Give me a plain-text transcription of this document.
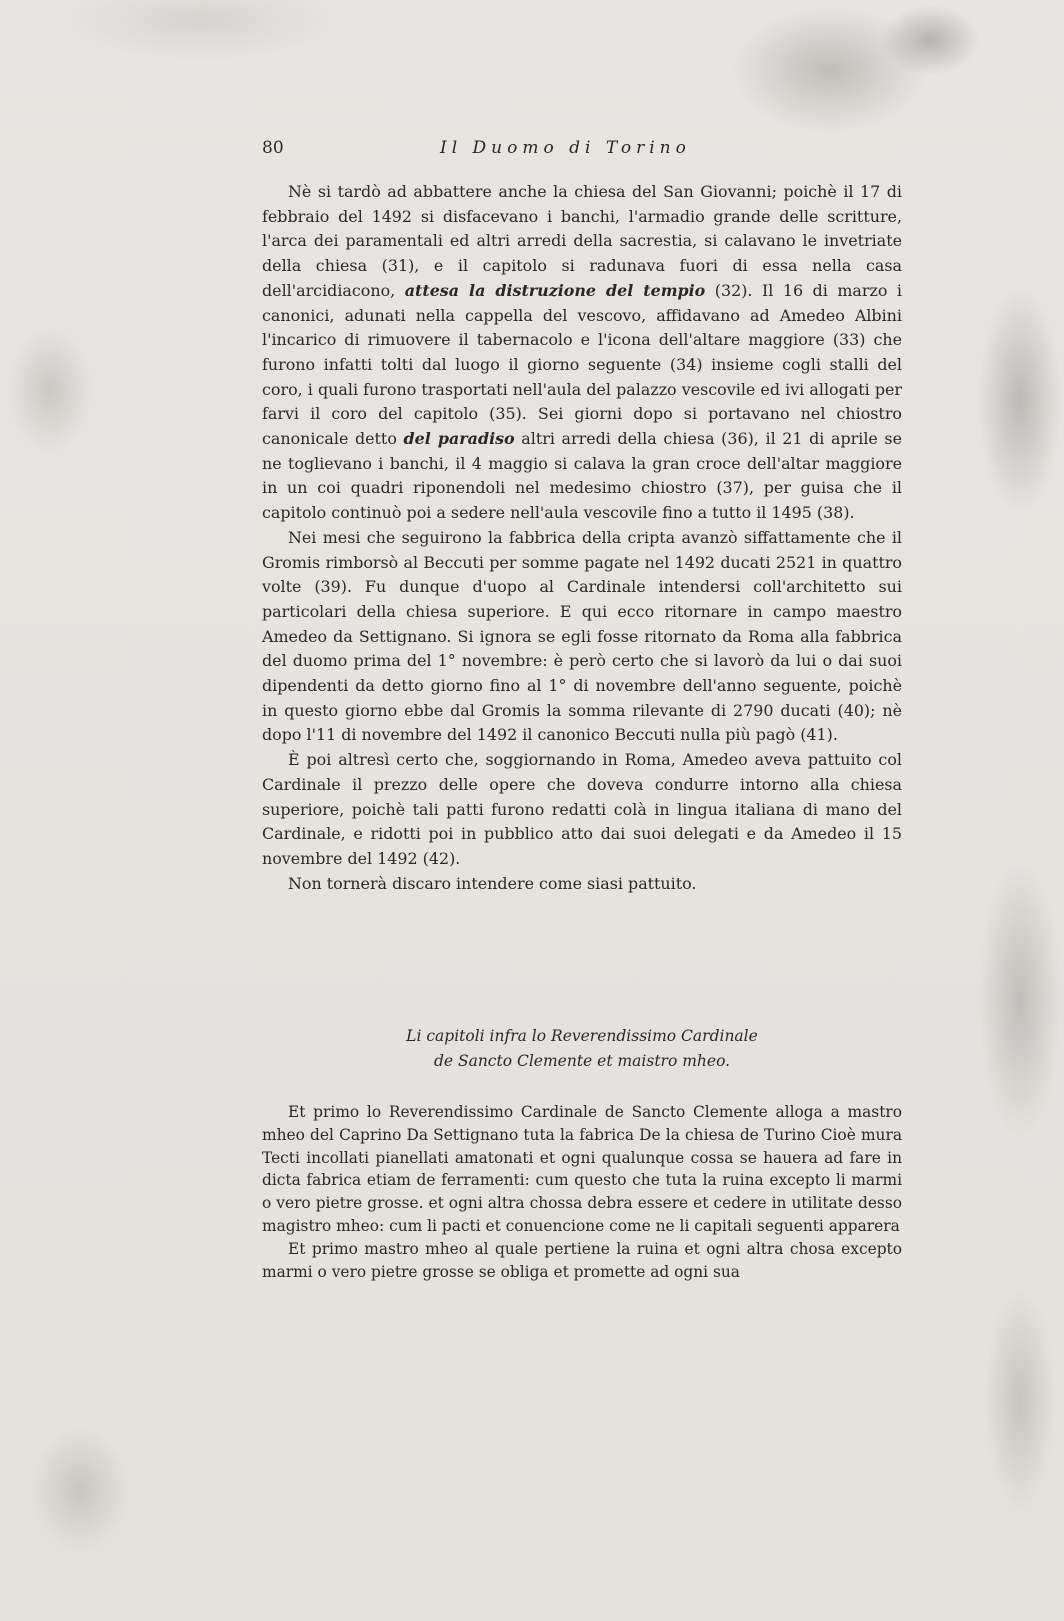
80	Il Duomo di Torino

Nè si tardò ad abbattere anche la chiesa del San Giovanni; poichè il 17 di febbraio del 1492 si disfacevano i banchi, l'armadio grande delle scritture, l'arca dei paramentali ed altri arredi della sacrestia, si calavano le invetriate della chiesa (31), e il capitolo si radunava fuori di essa nella casa dell'arcidiacono, attesa la distruzione del tempio (32). Il 16 di marzo i canonici, adunati nella cappella del vescovo, affidavano ad Amedeo Albini l'incarico di rimuovere il tabernacolo e l'icona dell'altare maggiore (33) che furono infatti tolti dal luogo il giorno seguente (34) insieme cogli stalli del coro, i quali furono trasportati nell'aula del palazzo vescovile ed ivi allogati per farvi il coro del capitolo (35). Sei giorni dopo si portavano nel chiostro canonicale detto del paradiso altri arredi della chiesa (36), il 21 di aprile se ne toglievano i banchi, il 4 maggio si calava la gran croce dell'altar maggiore in un coi quadri riponendoli nel medesimo chiostro (37), per guisa che il capitolo continuò poi a sedere nell'aula vescovile fino a tutto il 1495 (38).

Nei mesi che seguirono la fabbrica della cripta avanzò siffattamente che il Gromis rimborsò al Beccuti per somme pagate nel 1492 ducati 2521 in quattro volte (39). Fu dunque d'uopo al Cardinale intendersi coll'architetto sui particolari della chiesa superiore. E qui ecco ritornare in campo maestro Amedeo da Settignano. Si ignora se egli fosse ritornato da Roma alla fabbrica del duomo prima del 1° novembre: è però certo che si lavorò da lui o dai suoi dipendenti da detto giorno fino al 1° di novembre dell'anno seguente, poichè in questo giorno ebbe dal Gromis la somma rilevante di 2790 ducati (40); nè dopo l'11 di novembre del 1492 il canonico Beccuti nulla più pagò (41).

È poi altresì certo che, soggiornando in Roma, Amedeo aveva pattuito col Cardinale il prezzo delle opere che doveva condurre intorno alla chiesa superiore, poichè tali patti furono redatti colà in lingua italiana di mano del Cardinale, e ridotti poi in pubblico atto dai suoi delegati e da Amedeo il 15 novembre del 1492 (42).

Non tornerà discaro intendere come siasi pattuito.

Li capitoli infra lo Reverendissimo Cardinale
de Sancto Clemente et maistro mheo.

Et primo lo Reverendissimo Cardinale de Sancto Clemente alloga a mastro mheo del Caprino Da Settignano tuta la fabrica De la chiesa de Turino Cioè mura Tecti incollati pianellati amatonati et ogni qualunque cossa se hauera ad fare in dicta fabrica etiam de ferramenti: cum questo che tuta la ruina excepto li marmi o vero pietre grosse. et ogni altra chossa debra essere et cedere in utilitate desso magistro mheo: cum li pacti et conuencione come ne li capitali seguenti apparera

Et primo mastro mheo al quale pertiene la ruina et ogni altra chosa excepto marmi o vero pietre grosse se obliga et promette ad ogni sua
